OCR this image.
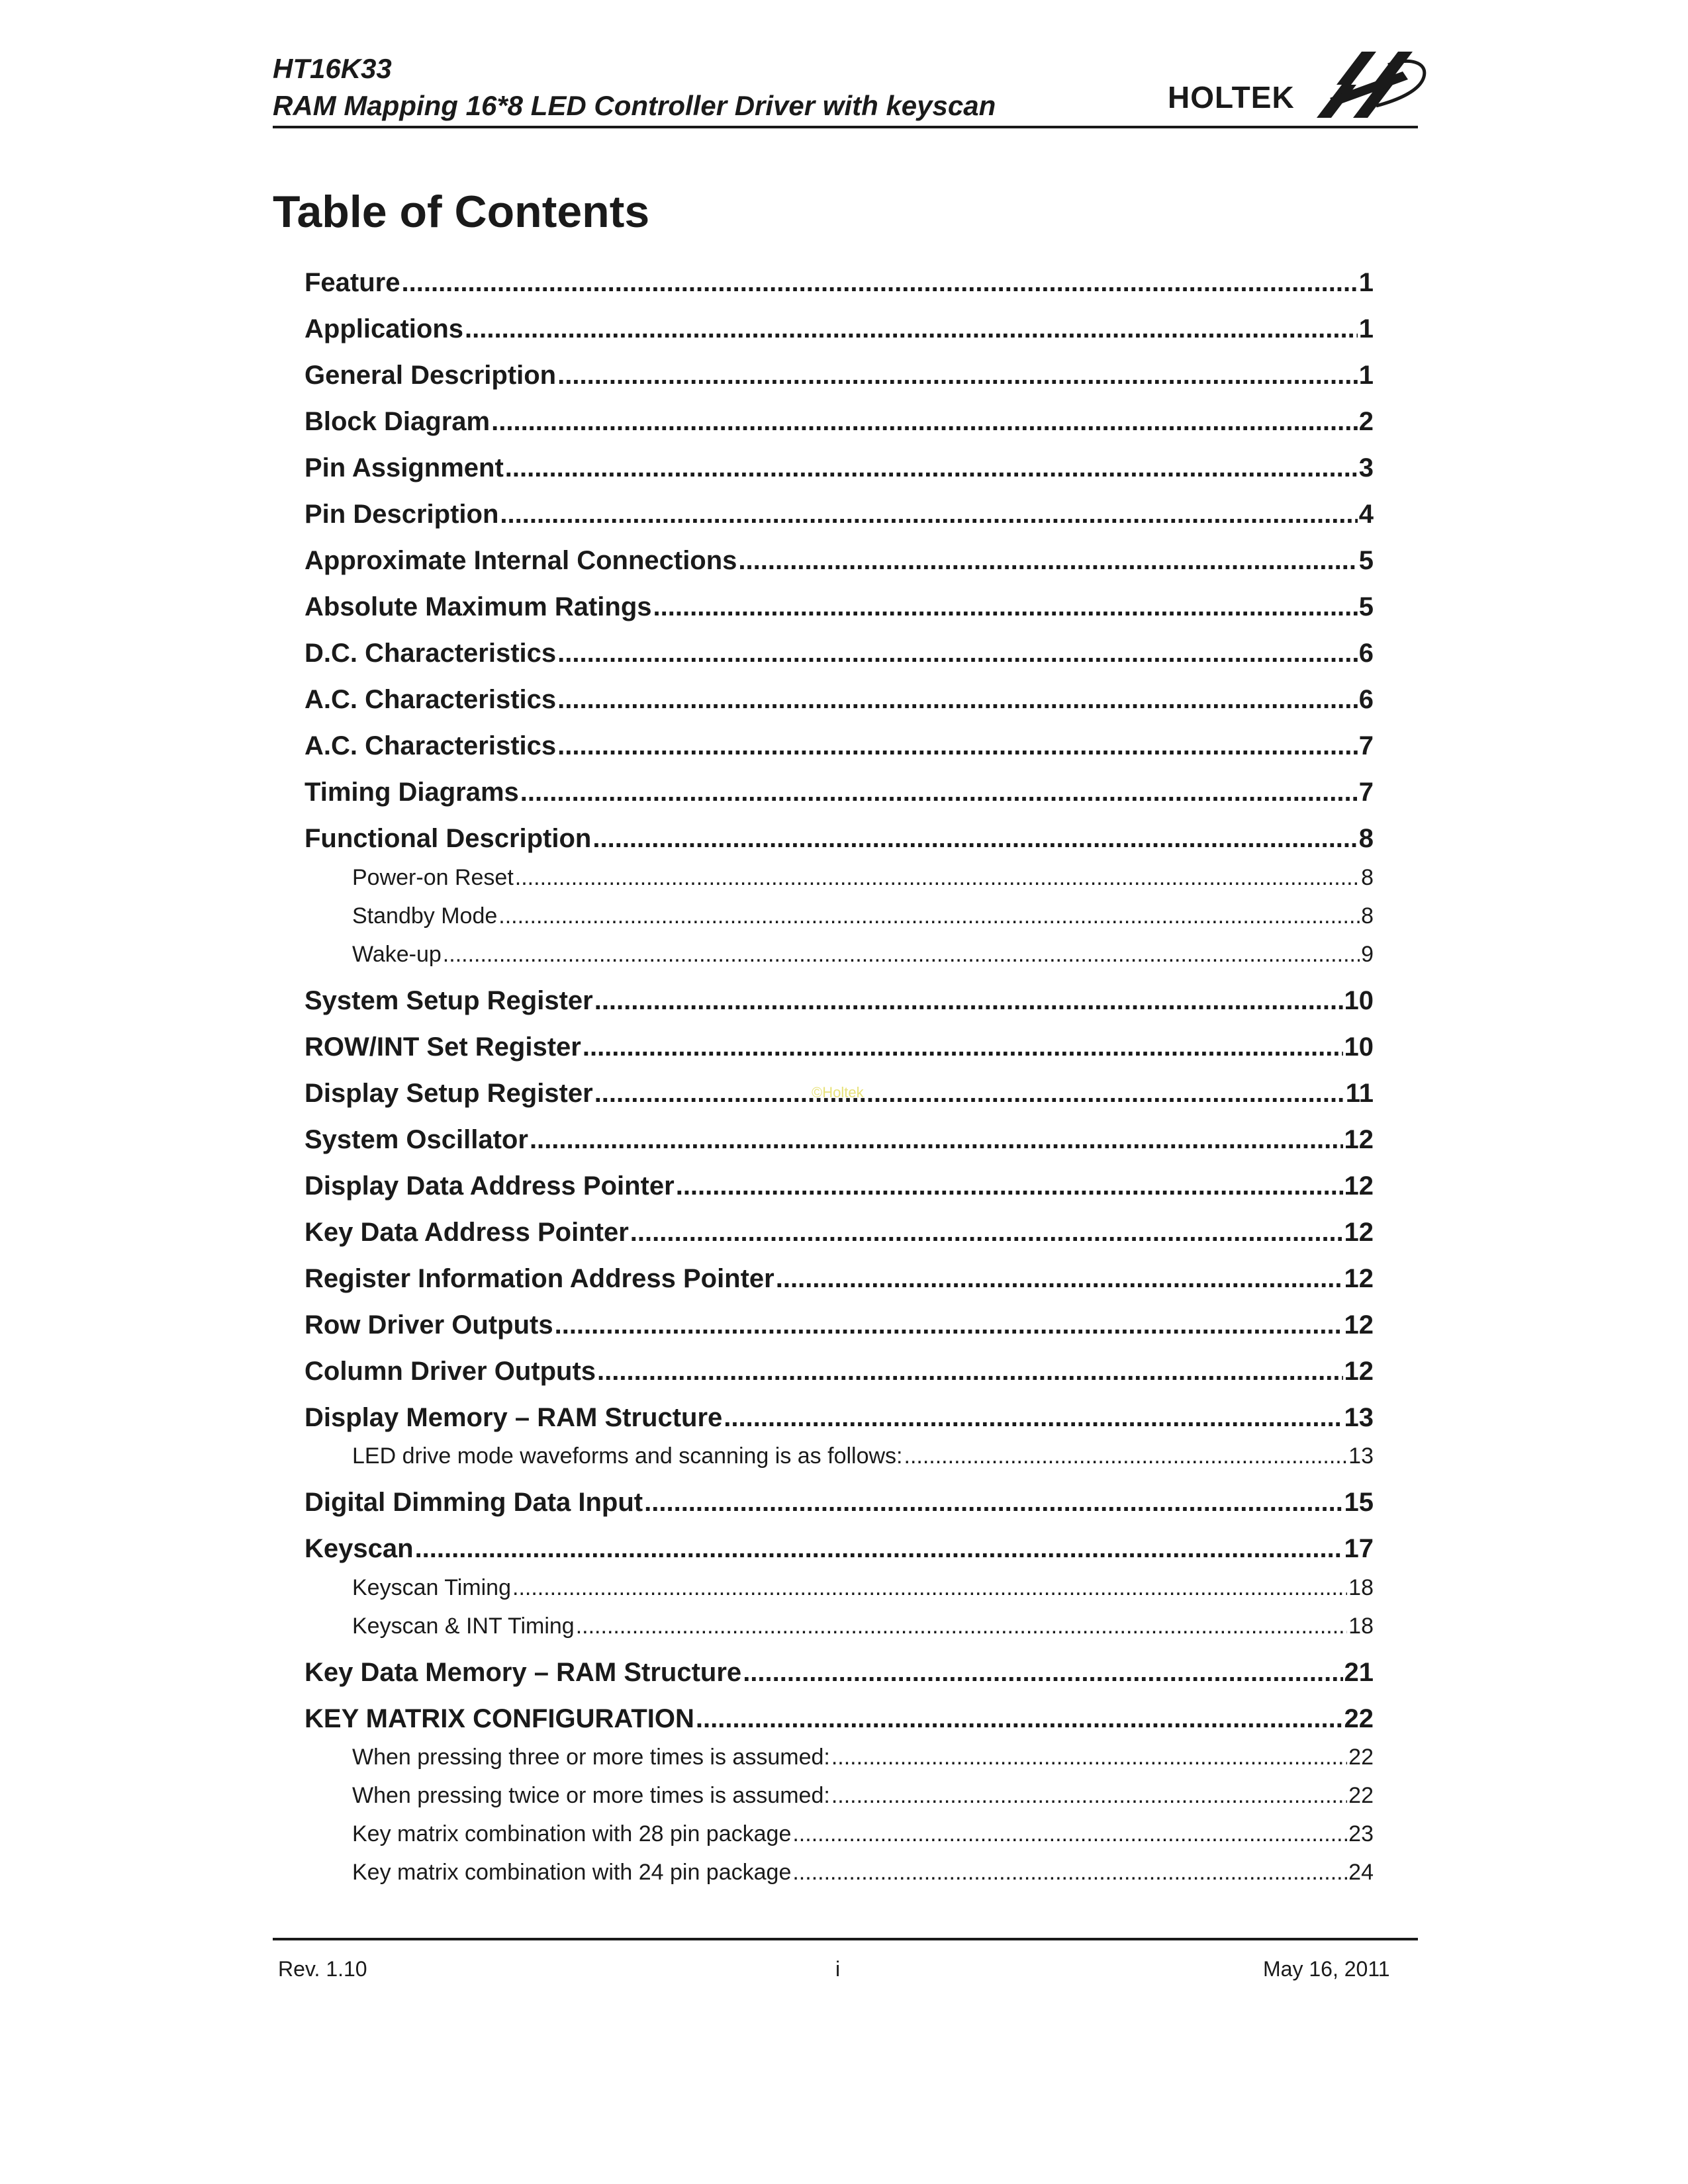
HT16K33
RAM Mapping 16*8 LED Controller Driver with keyscan	HOLTEK
Table of Contents
Feature .....	1
Applications .....	1
General Description .....	1
Block Diagram .....	2
Pin Assignment .....	3
Pin Description .....	4
Approximate Internal Connections .....	5
Absolute Maximum Ratings .....	5
D.C. Characteristics .....	6
A.C. Characteristics .....	6
A.C. Characteristics .....	7
Timing Diagrams .....	7
Functional Description .....	8
Power-on Reset .....	8
Standby Mode .....	8
Wake-up .....	9
System Setup Register .....	10
ROW/INT Set Register .....	10
Display Setup Register .....	11
System Oscillator .....	12
Display Data Address Pointer .....	12
Key Data Address Pointer .....	12
Register Information Address Pointer .....	12
Row Driver Outputs .....	12
Column Driver Outputs .....	12
Display Memory – RAM Structure .....	13
LED drive mode waveforms and scanning is as follows: .....	13
Digital Dimming Data Input .....	15
Keyscan .....	17
Keyscan Timing .....	18
Keyscan & INT Timing .....	18
Key Data Memory – RAM Structure .....	21
KEY MATRIX CONFIGURATION .....	22
When pressing three or more times is assumed: .....	22
When pressing twice or more times is assumed: .....	22
Key matrix combination with 28 pin package .....	23
Key matrix combination with 24 pin package .....	24
©Holtek
Rev. 1.10	i	May 16, 2011
